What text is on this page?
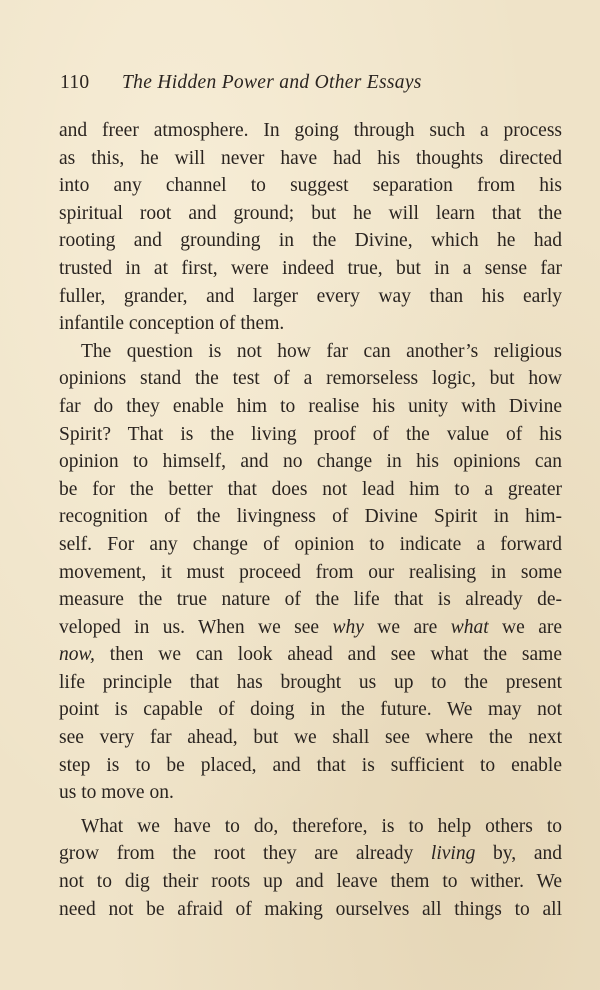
110 The Hidden Power and Other Essays
and freer atmosphere. In going through such a process
as this, he will never have had his thoughts directed
into any channel to suggest separation from his
spiritual root and ground; but he will learn that the
rooting and grounding in the Divine, which he had
trusted in at first, were indeed true, but in a sense far
fuller, grander, and larger every way than his early
infantile conception of them.
The question is not how far can another’s religious
opinions stand the test of a remorseless logic, but how
far do they enable him to realise his unity with Divine
Spirit? That is the living proof of the value of his
opinion to himself, and no change in his opinions can
be for the better that does not lead him to a greater
recognition of the livingness of Divine Spirit in him-
self. For any change of opinion to indicate a forward
movement, it must proceed from our realising in some
measure the true nature of the life that is already de-
veloped in us. When we see why we are what we are
now, then we can look ahead and see what the same
life principle that has brought us up to the present
point is capable of doing in the future. We may not
see very far ahead, but we shall see where the next
step is to be placed, and that is sufficient to enable
us to move on.
What we have to do, therefore, is to help others to
grow from the root they are already living by, and
not to dig their roots up and leave them to wither. We
need not be afraid of making ourselves all things to all
